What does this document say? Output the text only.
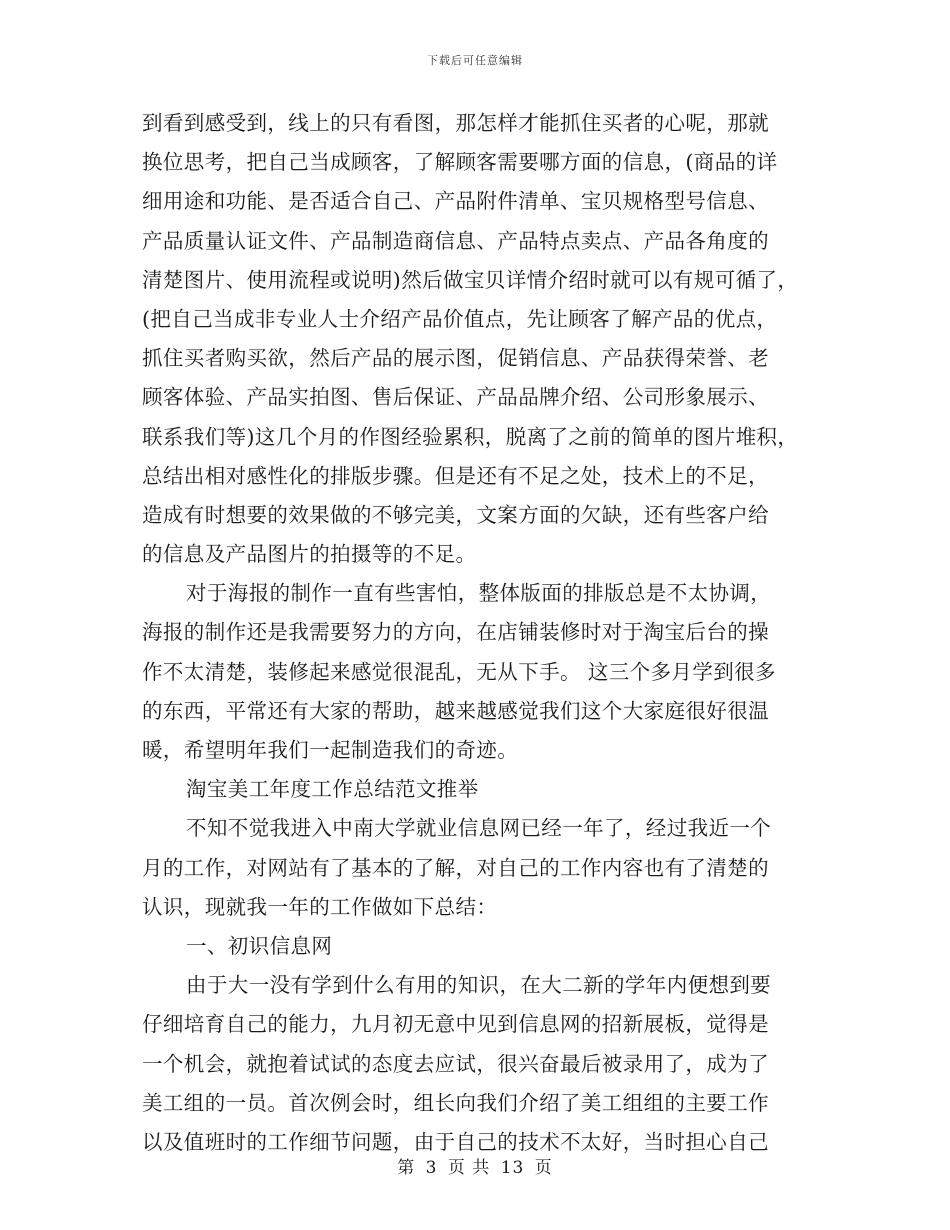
下载后可任意编辑
到看到感受到，线上的只有看图，那怎样才能抓住买者的心呢，那就
换位思考，把自己当成顾客，了解顾客需要哪方面的信息，(商品的详
细用途和功能、是否适合自己、产品附件清单、宝贝规格型号信息、
产品质量认证文件、产品制造商信息、产品特点卖点、产品各角度的
清楚图片、使用流程或说明)然后做宝贝详情介绍时就可以有规可循了，
(把自己当成非专业人士介绍产品价值点，先让顾客了解产品的优点，
抓住买者购买欲，然后产品的展示图，促销信息、产品获得荣誉、老
顾客体验、产品实拍图、售后保证、产品品牌介绍、公司形象展示、
联系我们等)这几个月的作图经验累积，脱离了之前的简单的图片堆积，
总结出相对感性化的排版步骤。但是还有不足之处，技术上的不足，
造成有时想要的效果做的不够完美，文案方面的欠缺，还有些客户给
的信息及产品图片的拍摄等的不足。
对于海报的制作一直有些害怕，整体版面的排版总是不太协调，
海报的制作还是我需要努力的方向，在店铺装修时对于淘宝后台的操
作不太清楚，装修起来感觉很混乱，无从下手。 这三个多月学到很多
的东西，平常还有大家的帮助，越来越感觉我们这个大家庭很好很温
暖，希望明年我们一起制造我们的奇迹。
淘宝美工年度工作总结范文推举
不知不觉我进入中南大学就业信息网已经一年了，经过我近一个
月的工作，对网站有了基本的了解，对自己的工作内容也有了清楚的
认识，现就我一年的工作做如下总结：
一、初识信息网
由于大一没有学到什么有用的知识，在大二新的学年内便想到要
仔细培育自己的能力，九月初无意中见到信息网的招新展板，觉得是
一个机会，就抱着试试的态度去应试，很兴奋最后被录用了，成为了
美工组的一员。首次例会时，组长向我们介绍了美工组组的主要工作
以及值班时的工作细节问题，由于自己的技术不太好，当时担心自己
第 3 页 共 13 页
